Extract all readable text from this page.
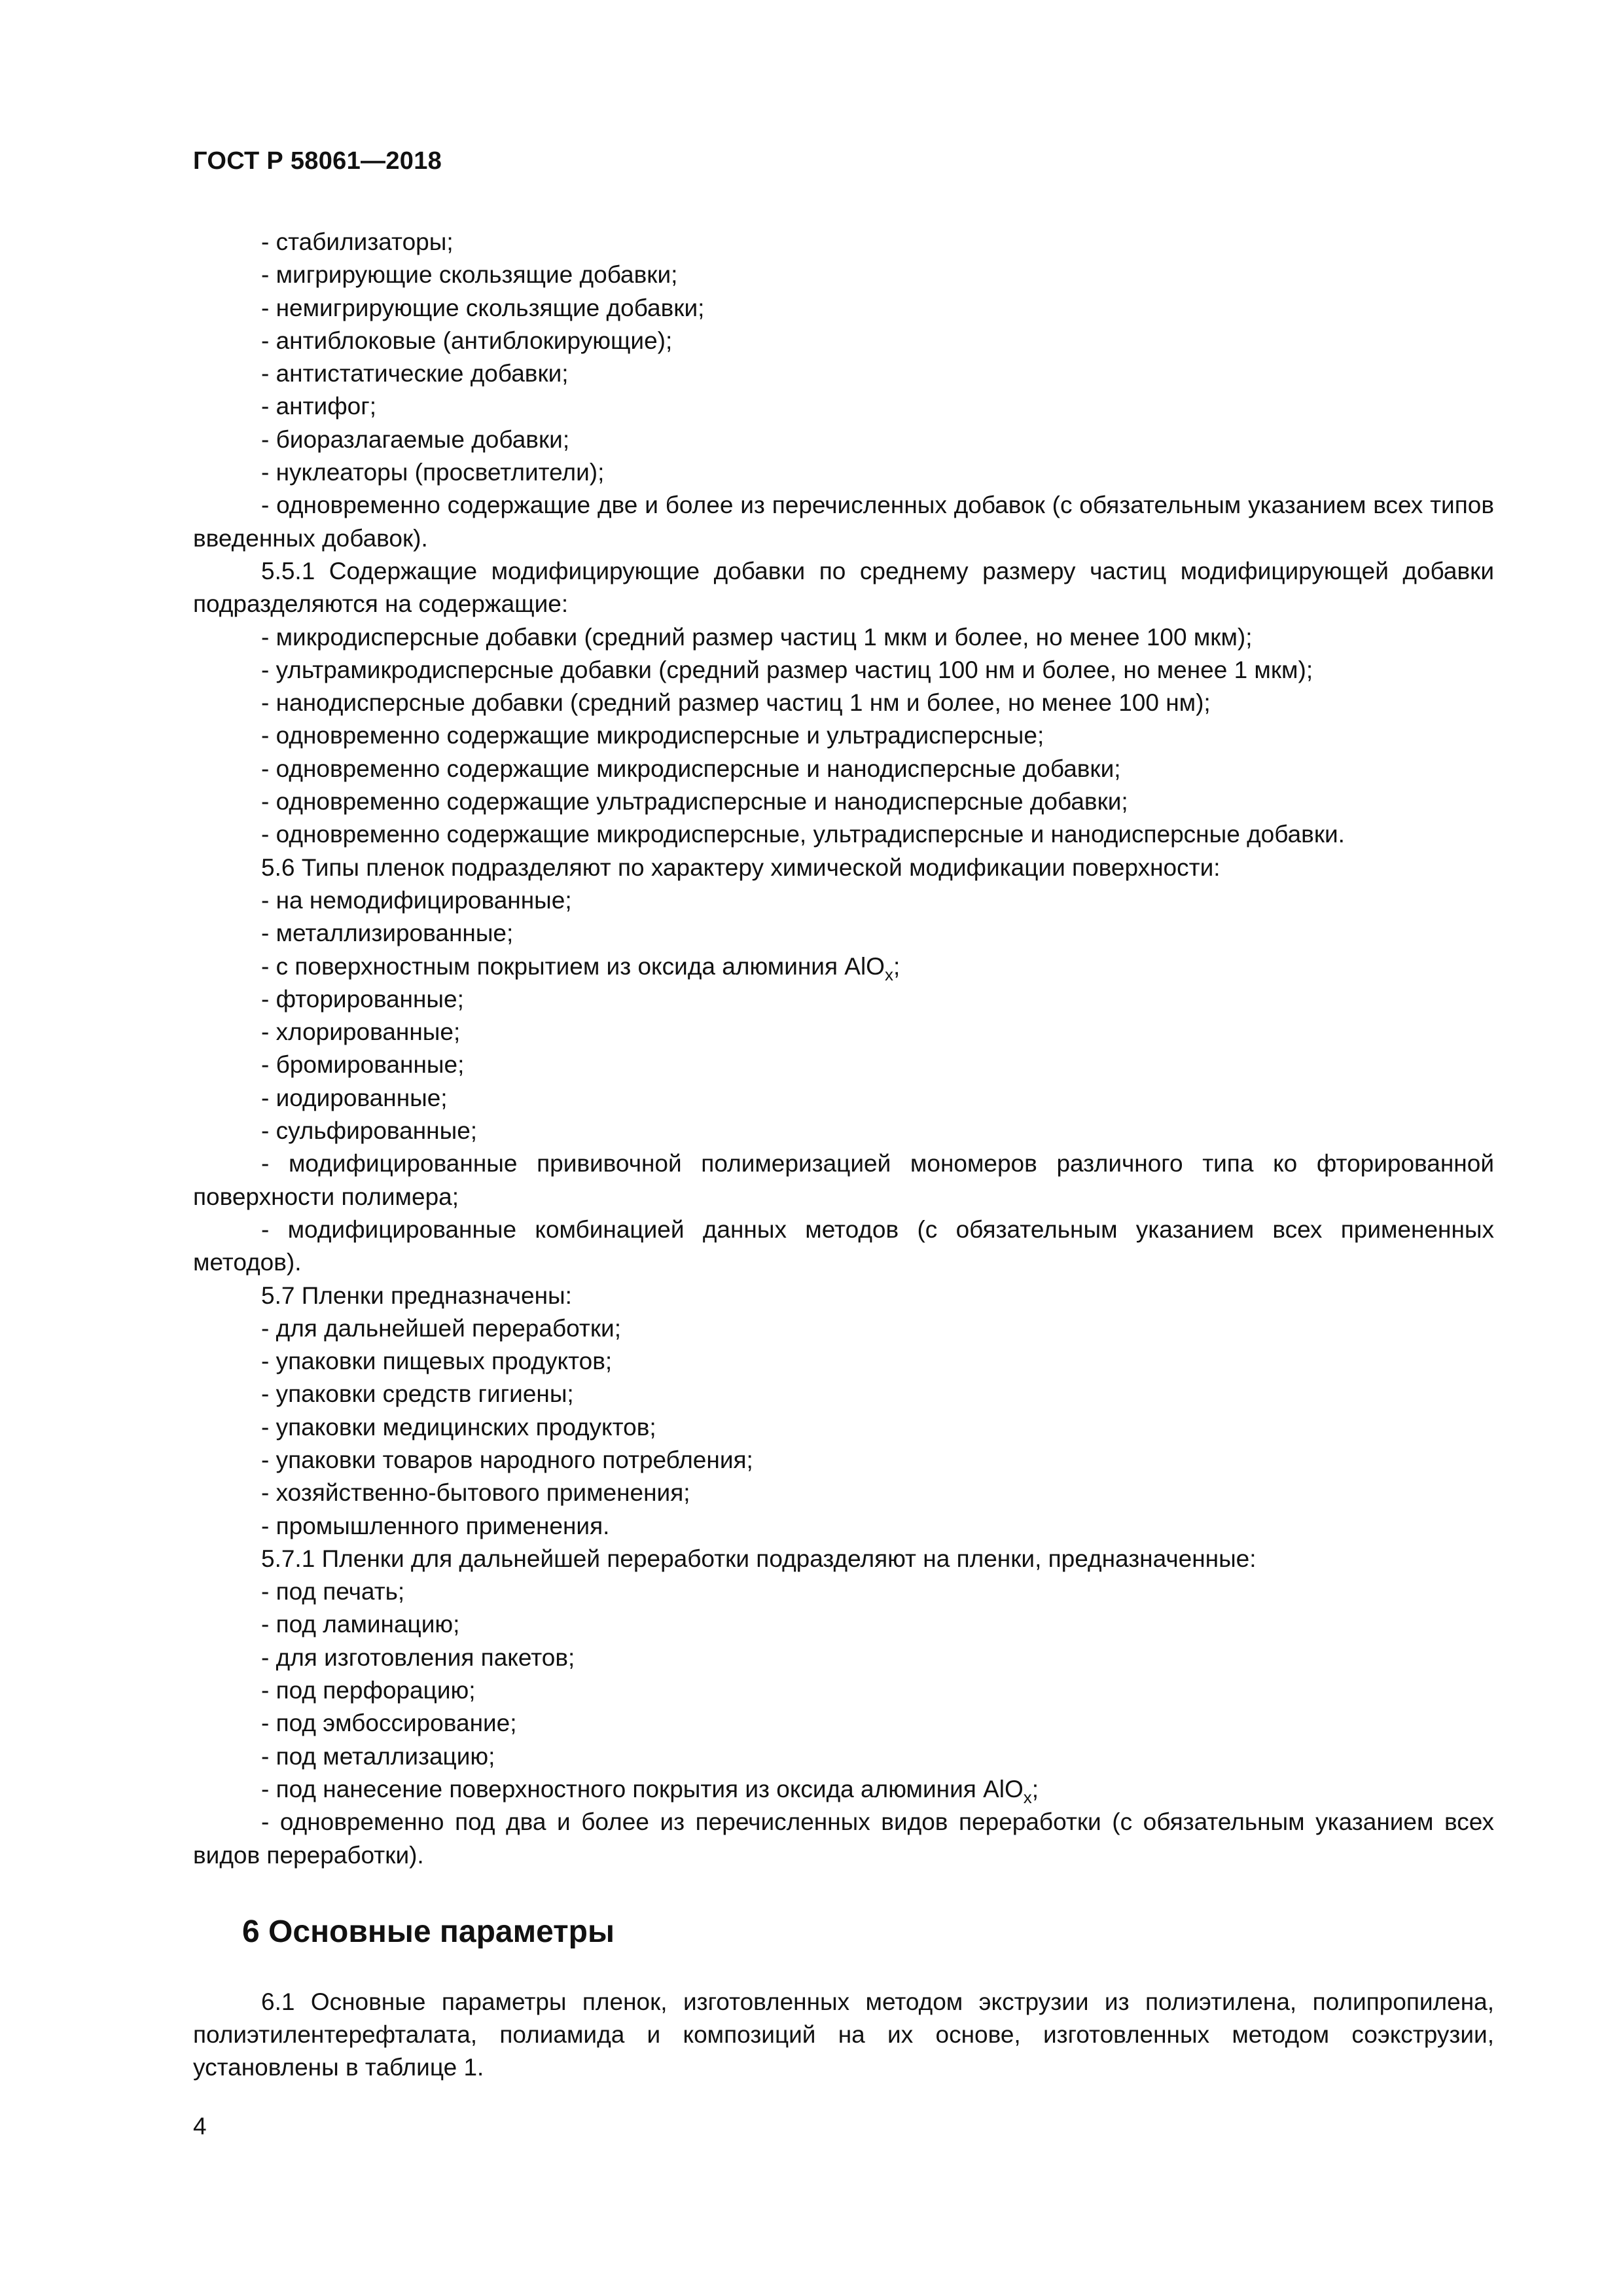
ГОСТ Р 58061—2018
- стабилизаторы;
- мигрирующие скользящие добавки;
- немигрирующие скользящие добавки;
- антиблоковые (антиблокирующие);
- антистатические добавки;
- антифог;
- биоразлагаемые добавки;
- нуклеаторы (просветлители);
- одновременно содержащие две и более из перечисленных добавок (с обязательным указанием всех типов введенных добавок).
5.5.1 Содержащие модифицирующие добавки по среднему размеру частиц модифицирующей добавки подразделяются на содержащие:
- микродисперсные добавки (средний размер частиц 1 мкм и более, но менее 100 мкм);
- ультрамикродисперсные добавки (средний размер частиц 100 нм и более, но менее 1 мкм);
- нанодисперсные добавки (средний размер частиц 1 нм и более, но менее 100 нм);
- одновременно содержащие микродисперсные и ультрадисперсные;
- одновременно содержащие микродисперсные и нанодисперсные добавки;
- одновременно содержащие ультрадисперсные и нанодисперсные добавки;
- одновременно содержащие микродисперсные, ультрадисперсные и нанодисперсные добавки.
5.6 Типы пленок подразделяют по характеру химической модификации поверхности:
- на немодифицированные;
- металлизированные;
- с поверхностным покрытием из оксида алюминия AlO$_x$;
- фторированные;
- хлорированные;
- бромированные;
- иодированные;
- сульфированные;
- модифицированные прививочной полимеризацией мономеров различного типа ко фторированной поверхности полимера;
- модифицированные комбинацией данных методов (с обязательным указанием всех примененных методов).
5.7 Пленки предназначены:
- для дальнейшей переработки;
- упаковки пищевых продуктов;
- упаковки средств гигиены;
- упаковки медицинских продуктов;
- упаковки товаров народного потребления;
- хозяйственно-бытового применения;
- промышленного применения.
5.7.1 Пленки для дальнейшей переработки подразделяют на пленки, предназначенные:
- под печать;
- под ламинацию;
- для изготовления пакетов;
- под перфорацию;
- под эмбоссирование;
- под металлизацию;
- под нанесение поверхностного покрытия из оксида алюминия AlO$_x$;
- одновременно под два и более из перечисленных видов переработки (с обязательным указанием всех видов переработки).
6 Основные параметры
6.1 Основные параметры пленок, изготовленных методом экструзии из полиэтилена, полипропилена, полиэтилентерефталата, полиамида и композиций на их основе, изготовленных методом соэкструзии, установлены в таблице 1.
4
